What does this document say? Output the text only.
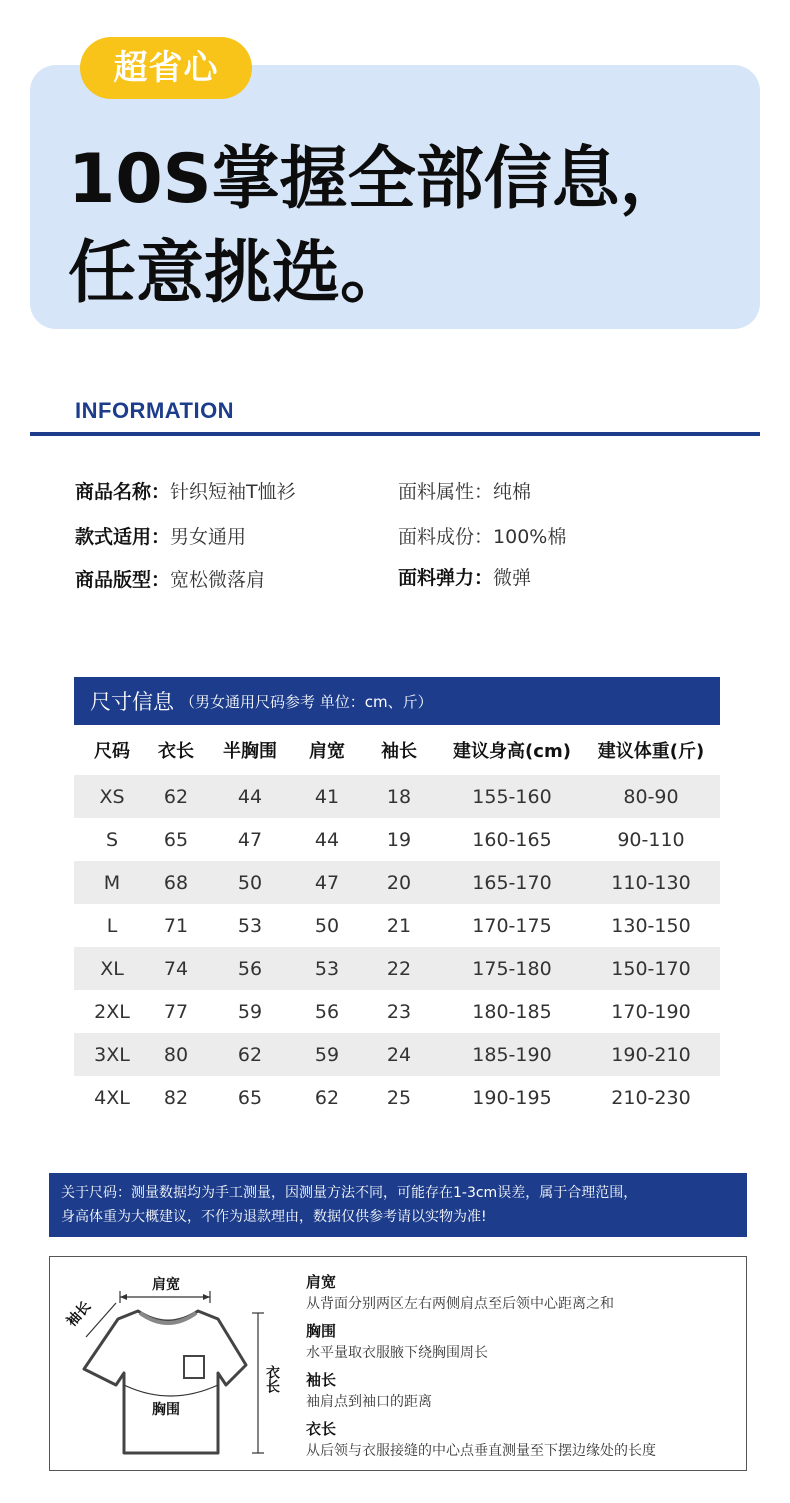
超省心
10S掌握全部信息，
任意挑选。
INFORMATION
商品名称：针织短袖T恤衫	面料属性：纯棉
款式适用：男女通用	面料成份：100%棉
商品版型：宽松微落肩	面料弹力：微弹
尺寸信息 （男女通用尺码参考 单位：cm、斤）
尺码	衣长	半胸围	肩宽	袖长	建议身高(cm)	建议体重(斤)
XS	62	44	41	18	155-160	80-90
S	65	47	44	19	160-165	90-110
M	68	50	47	20	165-170	110-130
L	71	53	50	21	170-175	130-150
XL	74	56	53	22	175-180	150-170
2XL	77	59	56	23	180-185	170-190
3XL	80	62	59	24	185-190	190-210
4XL	82	65	62	25	190-195	210-230
关于尺码：测量数据均为手工测量，因测量方法不同，可能存在1-3cm误差，属于合理范围，
身高体重为大概建议，不作为退款理由，数据仅供参考请以实物为准!
肩宽
袖长
胸围
衣长
肩宽
从背面分别两区左右两侧肩点至后领中心距离之和
胸围
水平量取衣服腋下绕胸围周长
袖长
袖肩点到袖口的距离
衣长
从后领与衣服接缝的中心点垂直测量至下摆边缘处的长度
